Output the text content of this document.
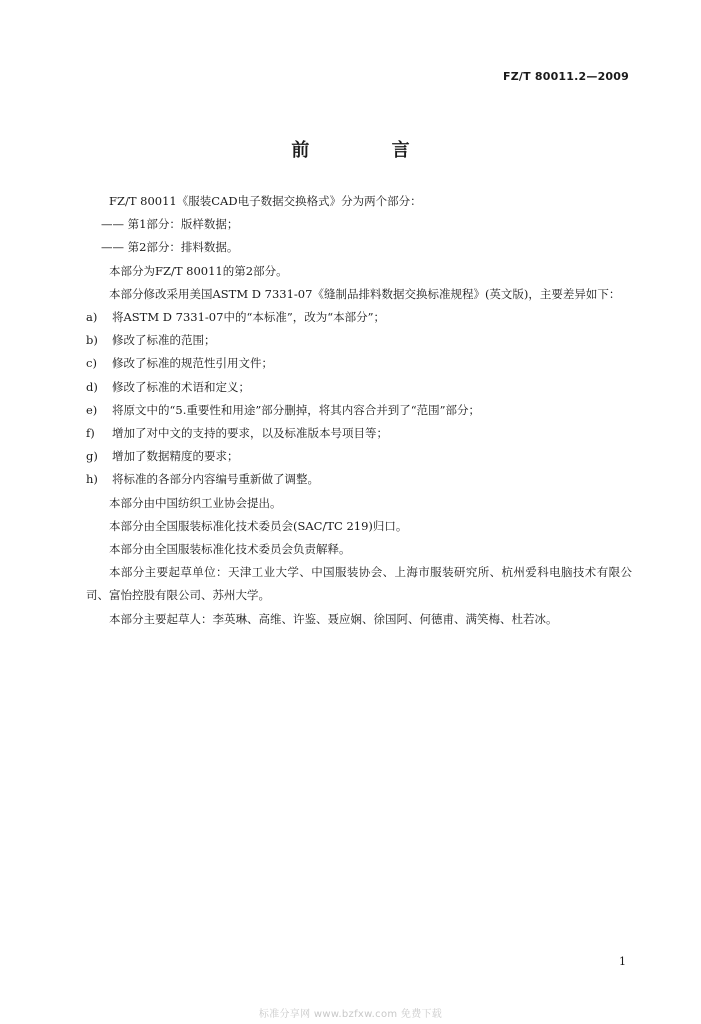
FZ/T 80011.2—2009
前 言

FZ/T 80011《服装CAD电子数据交换格式》分为两个部分：

—— 第1部分：版样数据；

—— 第2部分：排料数据。

本部分为FZ/T 80011的第2部分。

本部分修改采用美国ASTM D 7331-07《缝制品排料数据交换标准规程》(英文版)，主要差异如下：

a) 将ASTM D 7331-07中的“本标准”，改为“本部分”；

b) 修改了标准的范围；

c) 修改了标准的规范性引用文件；

d) 修改了标准的术语和定义；

e) 将原文中的“5.重要性和用途”部分删掉，将其内容合并到了“范围”部分；

f) 增加了对中文的支持的要求，以及标准版本号项目等；

g) 增加了数据精度的要求；

h) 将标准的各部分内容编号重新做了调整。

本部分由中国纺织工业协会提出。

本部分由全国服装标准化技术委员会(SAC/TC 219)归口。

本部分由全国服装标准化技术委员会负责解释。

本部分主要起草单位：天津工业大学、中国服装协会、上海市服装研究所、杭州爱科电脑技术有限公司、富怡控股有限公司、苏州大学。

本部分主要起草人：李英琳、高维、许鉴、聂应娴、徐国阿、何德甫、满笑梅、杜若冰。

1
标准分享网 www.bzfxw.com 免费下载
